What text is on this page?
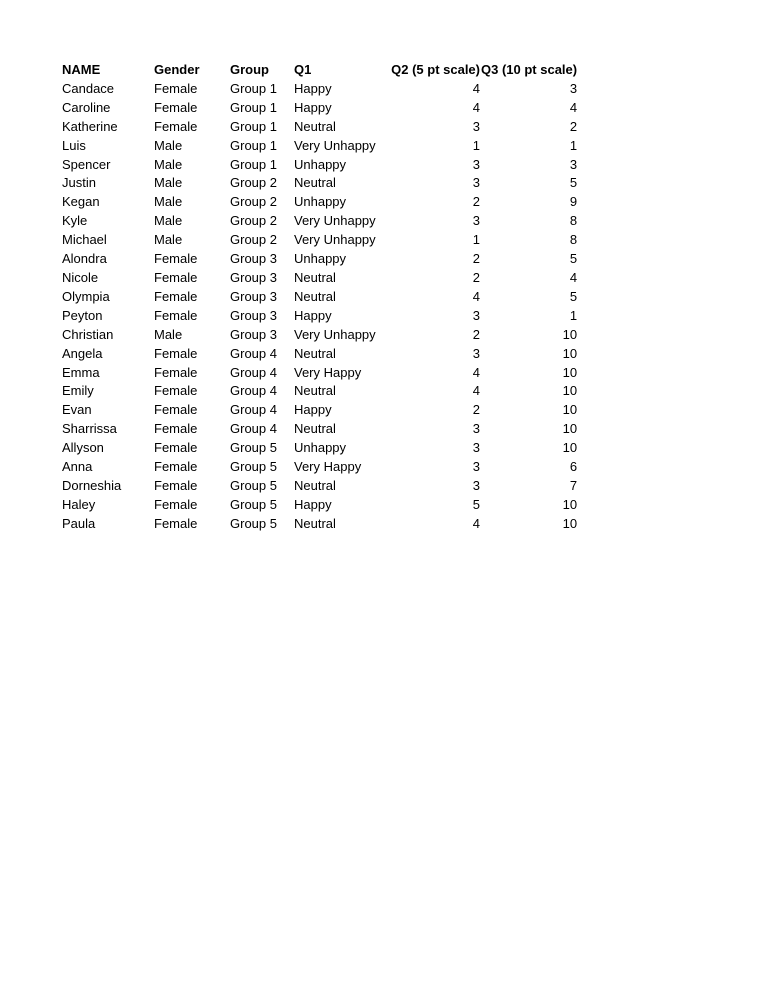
NAME	Gender	Group	Q1	Q2 (5 pt scale)	Q3 (10 pt scale)
Candace	Female	Group 1	Happy	4	3
Caroline	Female	Group 1	Happy	4	4
Katherine	Female	Group 1	Neutral	3	2
Luis	Male	Group 1	Very Unhappy	1	1
Spencer	Male	Group 1	Unhappy	3	3
Justin	Male	Group 2	Neutral	3	5
Kegan	Male	Group 2	Unhappy	2	9
Kyle	Male	Group 2	Very Unhappy	3	8
Michael	Male	Group 2	Very Unhappy	1	8
Alondra	Female	Group 3	Unhappy	2	5
Nicole	Female	Group 3	Neutral	2	4
Olympia	Female	Group 3	Neutral	4	5
Peyton	Female	Group 3	Happy	3	1
Christian	Male	Group 3	Very Unhappy	2	10
Angela	Female	Group 4	Neutral	3	10
Emma	Female	Group 4	Very Happy	4	10
Emily	Female	Group 4	Neutral	4	10
Evan	Female	Group 4	Happy	2	10
Sharrissa	Female	Group 4	Neutral	3	10
Allyson	Female	Group 5	Unhappy	3	10
Anna	Female	Group 5	Very Happy	3	6
Dorneshia	Female	Group 5	Neutral	3	7
Haley	Female	Group 5	Happy	5	10
Paula	Female	Group 5	Neutral	4	10
